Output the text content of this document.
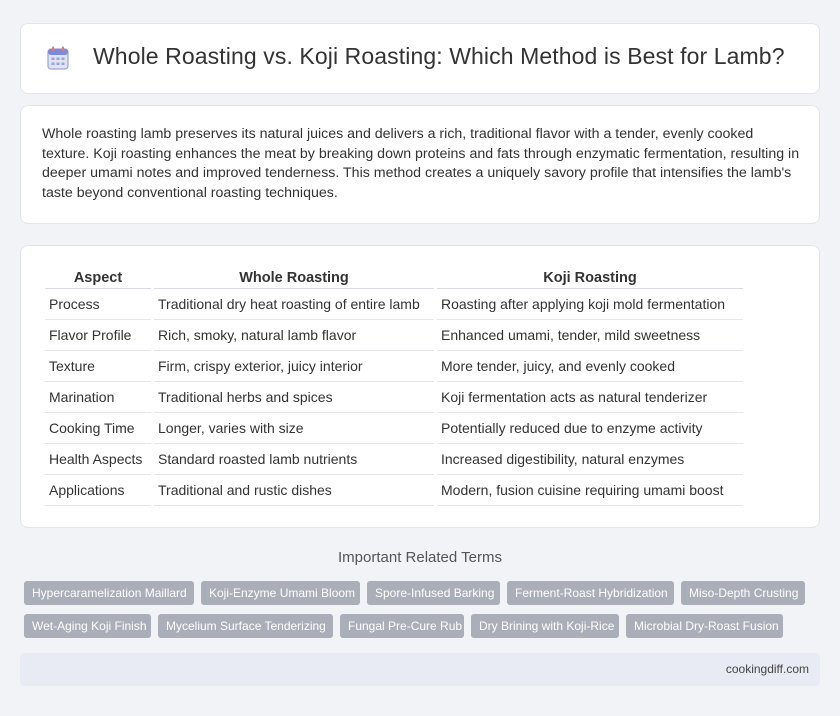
Whole Roasting vs. Koji Roasting: Which Method is Best for Lamb?

Whole roasting lamb preserves its natural juices and delivers a rich, traditional flavor with a tender, evenly cooked texture. Koji roasting enhances the meat by breaking down proteins and fats through enzymatic fermentation, resulting in deeper umami notes and improved tenderness. This method creates a uniquely savory profile that intensifies the lamb's taste beyond conventional roasting techniques.

Aspect	Whole Roasting	Koji Roasting
Process	Traditional dry heat roasting of entire lamb	Roasting after applying koji mold fermentation
Flavor Profile	Rich, smoky, natural lamb flavor	Enhanced umami, tender, mild sweetness
Texture	Firm, crispy exterior, juicy interior	More tender, juicy, and evenly cooked
Marination	Traditional herbs and spices	Koji fermentation acts as natural tenderizer
Cooking Time	Longer, varies with size	Potentially reduced due to enzyme activity
Health Aspects	Standard roasted lamb nutrients	Increased digestibility, natural enzymes
Applications	Traditional and rustic dishes	Modern, fusion cuisine requiring umami boost
Important Related Terms
Hypercaramelization Maillard	Koji-Enzyme Umami Bloom	Spore-Infused Barking	Ferment-Roast Hybridization	Miso-Depth Crusting
Wet-Aging Koji Finish	Mycelium Surface Tenderizing	Fungal Pre-Cure Rub	Dry Brining with Koji-Rice	Microbial Dry-Roast Fusion
cookingdiff.com
